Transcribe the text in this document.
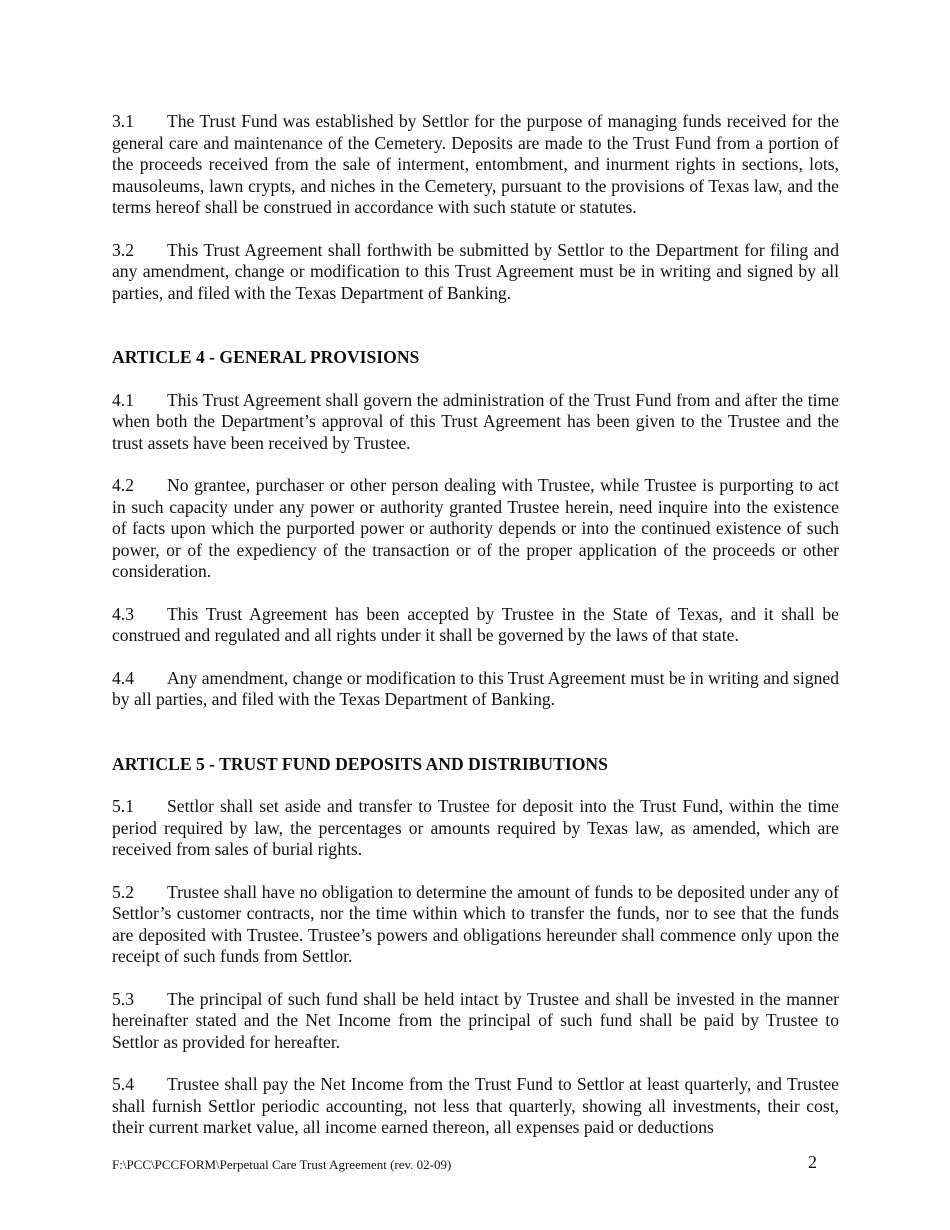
3.1 The Trust Fund was established by Settlor for the purpose of managing funds received for the general care and maintenance of the Cemetery. Deposits are made to the Trust Fund from a portion of the proceeds received from the sale of interment, entombment, and inurment rights in sections, lots, mausoleums, lawn crypts, and niches in the Cemetery, pursuant to the provisions of Texas law, and the terms hereof shall be construed in accordance with such statute or statutes.

3.2 This Trust Agreement shall forthwith be submitted by Settlor to the Department for filing and any amendment, change or modification to this Trust Agreement must be in writing and signed by all parties, and filed with the Texas Department of Banking.

ARTICLE 4 - GENERAL PROVISIONS

4.1 This Trust Agreement shall govern the administration of the Trust Fund from and after the time when both the Department’s approval of this Trust Agreement has been given to the Trustee and the trust assets have been received by Trustee.

4.2 No grantee, purchaser or other person dealing with Trustee, while Trustee is purporting to act in such capacity under any power or authority granted Trustee herein, need inquire into the existence of facts upon which the purported power or authority depends or into the continued existence of such power, or of the expediency of the transaction or of the proper application of the proceeds or other consideration.

4.3 This Trust Agreement has been accepted by Trustee in the State of Texas, and it shall be construed and regulated and all rights under it shall be governed by the laws of that state.

4.4 Any amendment, change or modification to this Trust Agreement must be in writing and signed by all parties, and filed with the Texas Department of Banking.

ARTICLE 5 - TRUST FUND DEPOSITS AND DISTRIBUTIONS

5.1 Settlor shall set aside and transfer to Trustee for deposit into the Trust Fund, within the time period required by law, the percentages or amounts required by Texas law, as amended, which are received from sales of burial rights.

5.2 Trustee shall have no obligation to determine the amount of funds to be deposited under any of Settlor’s customer contracts, nor the time within which to transfer the funds, nor to see that the funds are deposited with Trustee. Trustee’s powers and obligations hereunder shall commence only upon the receipt of such funds from Settlor.

5.3 The principal of such fund shall be held intact by Trustee and shall be invested in the manner hereinafter stated and the Net Income from the principal of such fund shall be paid by Trustee to Settlor as provided for hereafter.

5.4 Trustee shall pay the Net Income from the Trust Fund to Settlor at least quarterly, and Trustee shall furnish Settlor periodic accounting, not less that quarterly, showing all investments, their cost, their current market value, all income earned thereon, all expenses paid or deductions

F:\PCC\PCCFORM\Perpetual Care Trust Agreement (rev. 02-09)	2
